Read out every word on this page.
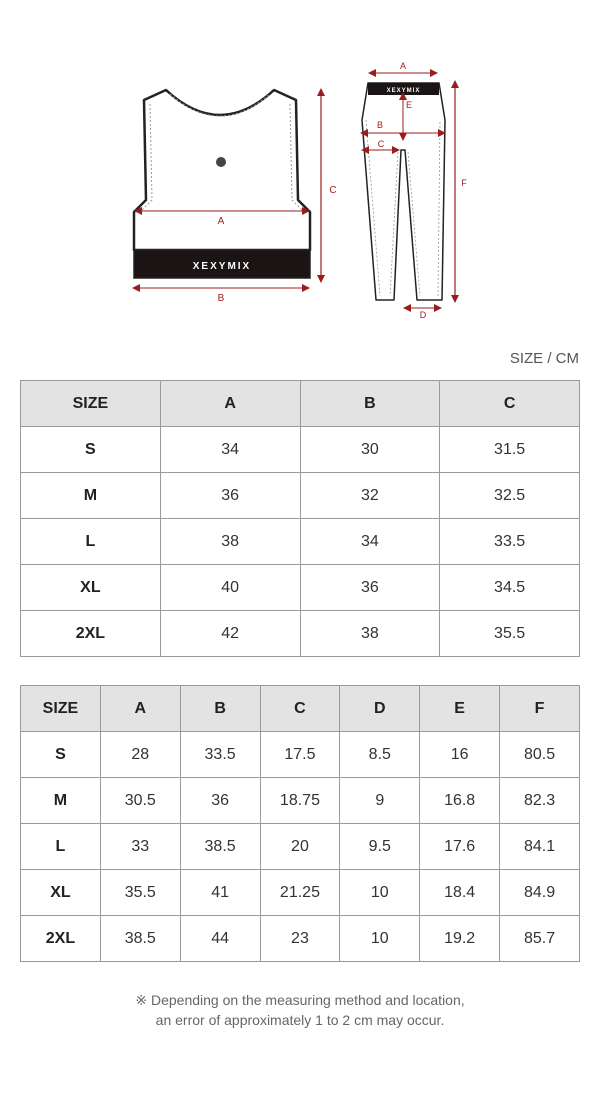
XEXYMIX
A
B
C
XEXYMIX
A
E
B
C
D
F
SIZE / CM
SIZE	A	B	C
S	34	30	31.5
M	36	32	32.5
L	38	34	33.5
XL	40	36	34.5
2XL	42	38	35.5
SIZE	A	B	C	D	E	F
S	28	33.5	17.5	8.5	16	80.5
M	30.5	36	18.75	9	16.8	82.3
L	33	38.5	20	9.5	17.6	84.1
XL	35.5	41	21.25	10	18.4	84.9
2XL	38.5	44	23	10	19.2	85.7
※ Depending on the measuring method and location,
an error of approximately 1 to 2 cm may occur.
